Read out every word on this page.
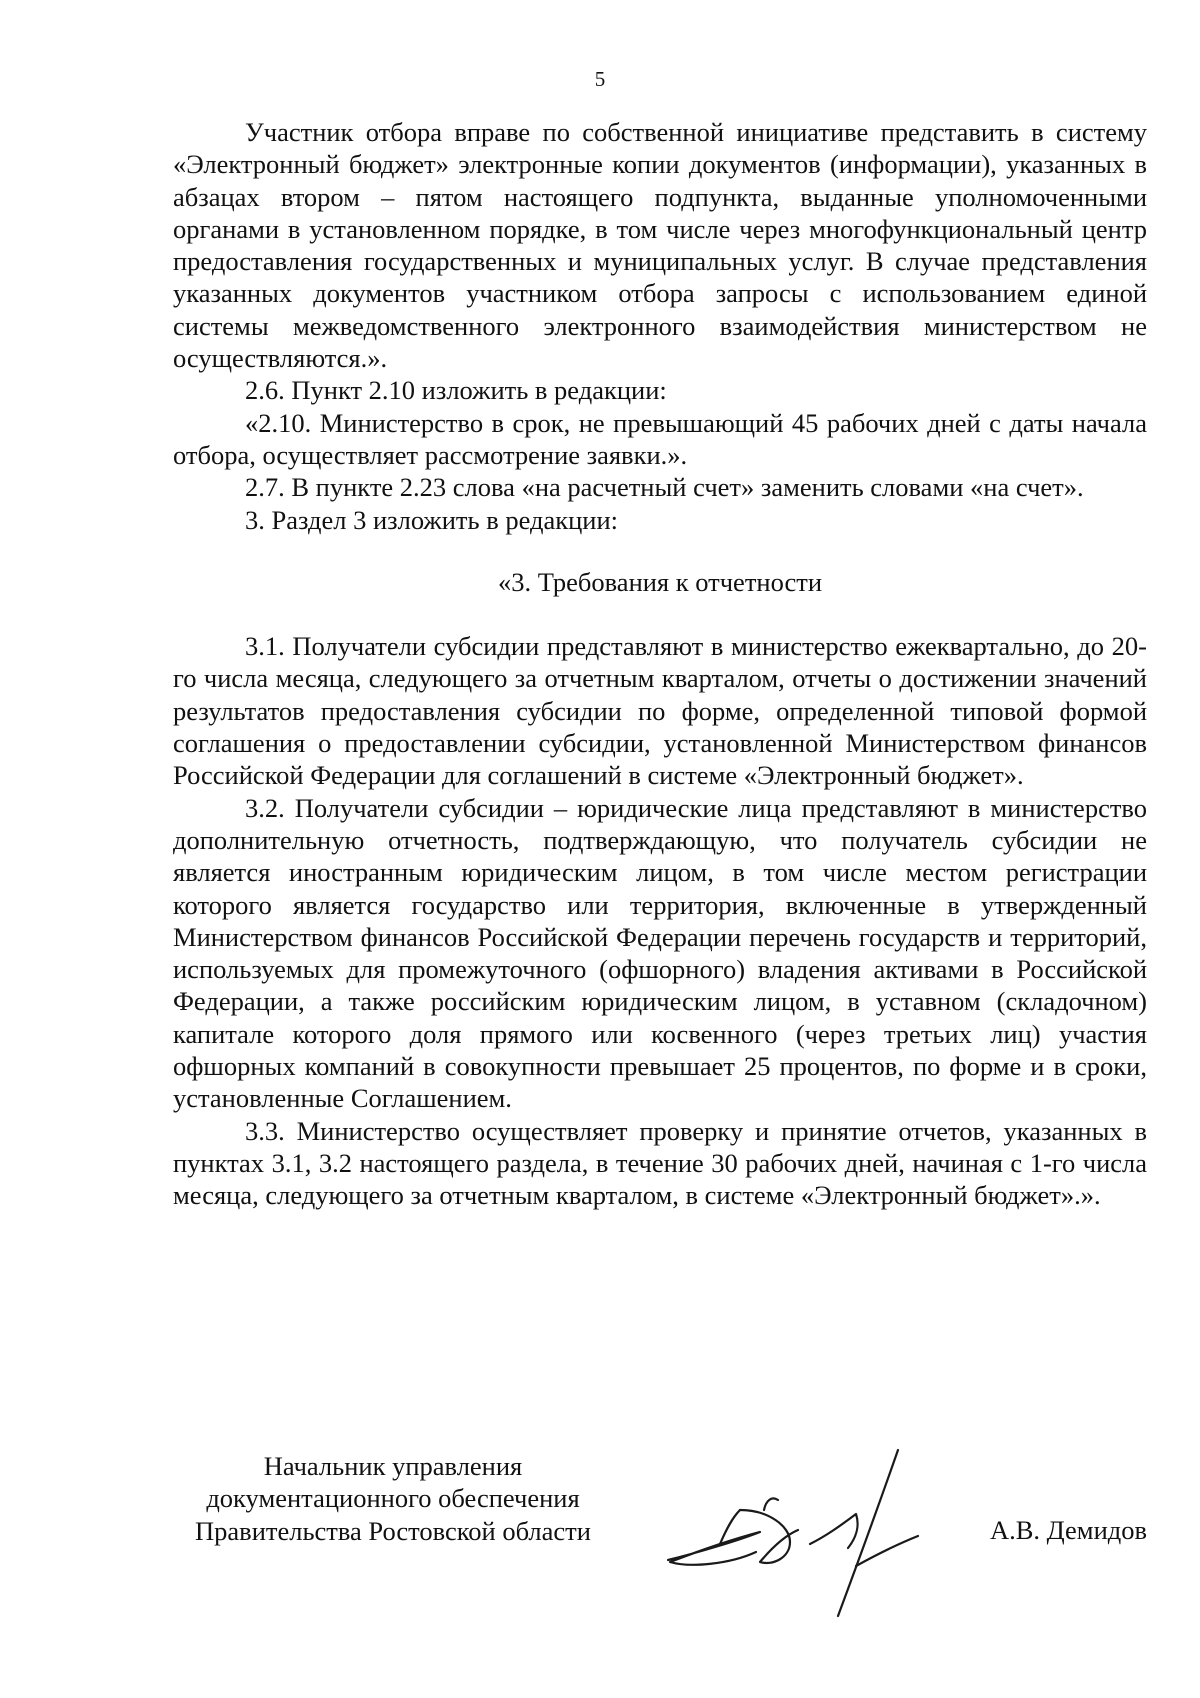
5

Участник отбора вправе по собственной инициативе представить в систему «Электронный бюджет» электронные копии документов (информации), указанных в абзацах втором – пятом настоящего подпункта, выданные уполномоченными органами в установленном порядке, в том числе через многофункциональный центр предоставления государственных и муниципальных услуг. В случае представления указанных документов участником отбора запросы с использованием единой системы межведомственного электронного взаимодействия министерством не осуществляются.».

2.6. Пункт 2.10 изложить в редакции:

«2.10. Министерство в срок, не превышающий 45 рабочих дней с даты начала отбора, осуществляет рассмотрение заявки.».

2.7. В пункте 2.23 слова «на расчетный счет» заменить словами «на счет».

3. Раздел 3 изложить в редакции:

«3. Требования к отчетности

3.1. Получатели субсидии представляют в министерство ежеквартально, до 20-го числа месяца, следующего за отчетным кварталом, отчеты о достижении значений результатов предоставления субсидии по форме, определенной типовой формой соглашения о предоставлении субсидии, установленной Министерством финансов Российской Федерации для соглашений в системе «Электронный бюджет».

3.2. Получатели субсидии – юридические лица представляют в министерство дополнительную отчетность, подтверждающую, что получатель субсидии не является иностранным юридическим лицом, в том числе местом регистрации которого является государство или территория, включенные в утвержденный Министерством финансов Российской Федерации перечень государств и территорий, используемых для промежуточного (офшорного) владения активами в Российской Федерации, а также российским юридическим лицом, в уставном (складочном) капитале которого доля прямого или косвенного (через третьих лиц) участия офшорных компаний в совокупности превышает 25 процентов, по форме и в сроки, установленные Соглашением.

3.3. Министерство осуществляет проверку и принятие отчетов, указанных в пунктах 3.1, 3.2 настоящего раздела, в течение 30 рабочих дней, начиная с 1-го числа месяца, следующего за отчетным кварталом, в системе «Электронный бюджет».».

Начальник управления
документационного обеспечения
Правительства Ростовской области	А.В. Демидов
